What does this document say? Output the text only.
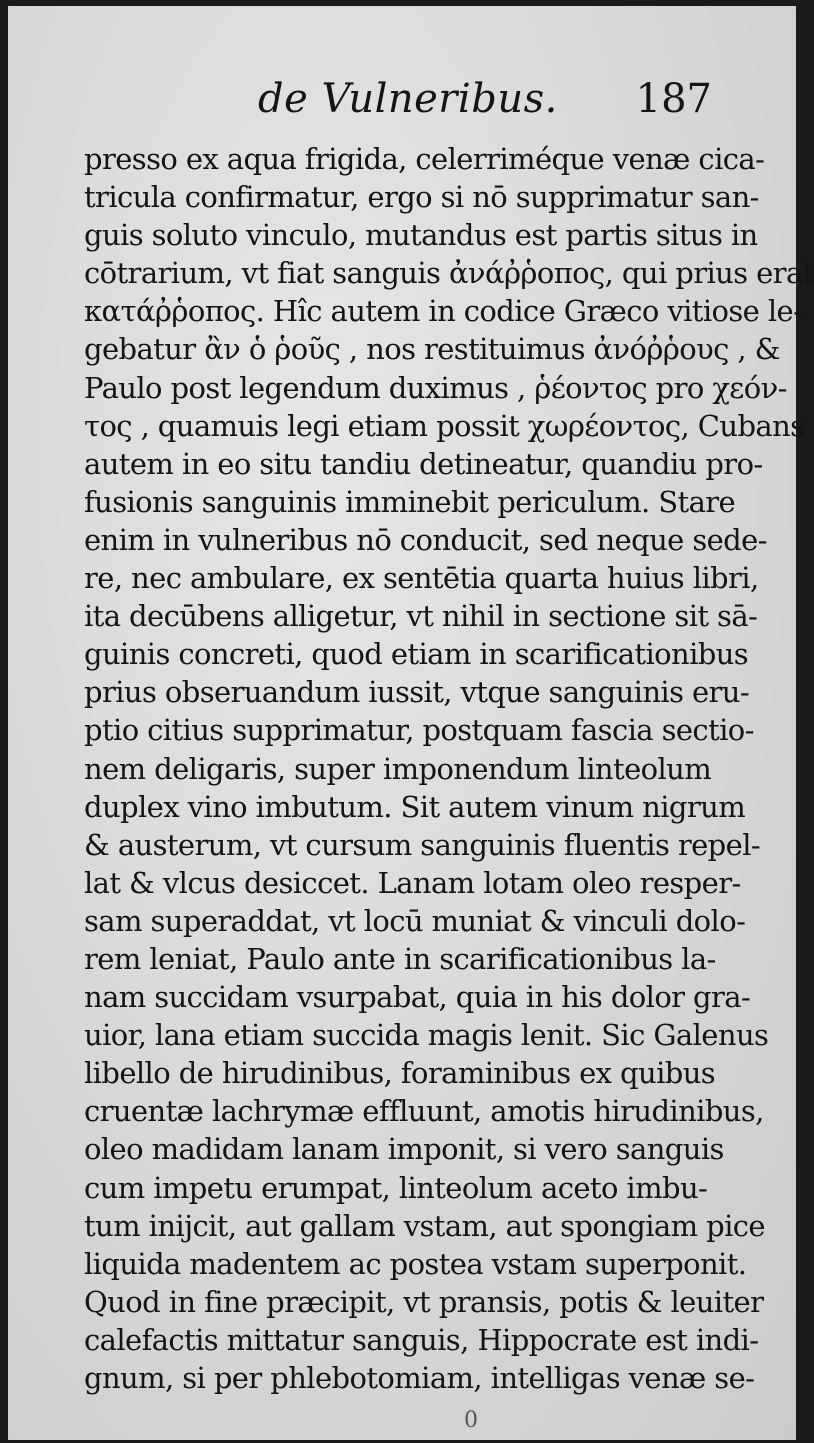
de Vulneribus. 187
presso ex aqua frigida, celerriméque venæ cica-
tricula confirmatur, ergo si nō supprimatur san-
guis soluto vinculo, mutandus est partis situs in
cōtrarium, vt fiat sanguis ἀνάῤῥοπος, qui prius erat
κατάῤῥοπος. Hîc autem in codice Græco vitiose le-
gebatur ἂν ὁ ῥοῦς , nos restituimus ἀνόῤῥους , &
Paulo post legendum duximus , ῥέοντος pro χεόν-
τος , quamuis legi etiam possit χωρέοντος, Cubans
autem in eo situ tandiu detineatur, quandiu pro-
fusionis sanguinis imminebit periculum. Stare
enim in vulneribus nō conducit, sed neque sede-
re, nec ambulare, ex sentētia quarta huius libri,
ita decūbens alligetur, vt nihil in sectione sit sā-
guinis concreti, quod etiam in scarificationibus
prius obseruandum iussit, vtque sanguinis eru-
ptio citius supprimatur, postquam fascia sectio-
nem deligaris, super imponendum linteolum
duplex vino imbutum. Sit autem vinum nigrum
& austerum, vt cursum sanguinis fluentis repel-
lat & vlcus desiccet. Lanam lotam oleo resper-
sam superaddat, vt locū muniat & vinculi dolo-
rem leniat, Paulo ante in scarificationibus la-
nam succidam vsurpabat, quia in his dolor gra-
uior, lana etiam succida magis lenit. Sic Galenus
libello de hirudinibus, foraminibus ex quibus
cruentæ lachrymæ effluunt, amotis hirudinibus,
oleo madidam lanam imponit, si vero sanguis
cum impetu erumpat, linteolum aceto imbu-
tum inijcit, aut gallam vstam, aut spongiam pice
liquida madentem ac postea vstam superponit.
Quod in fine præcipit, vt pransis, potis & leuiter
calefactis mittatur sanguis, Hippocrate est indi-
gnum, si per phlebotomiam, intelligas venæ se-
0
